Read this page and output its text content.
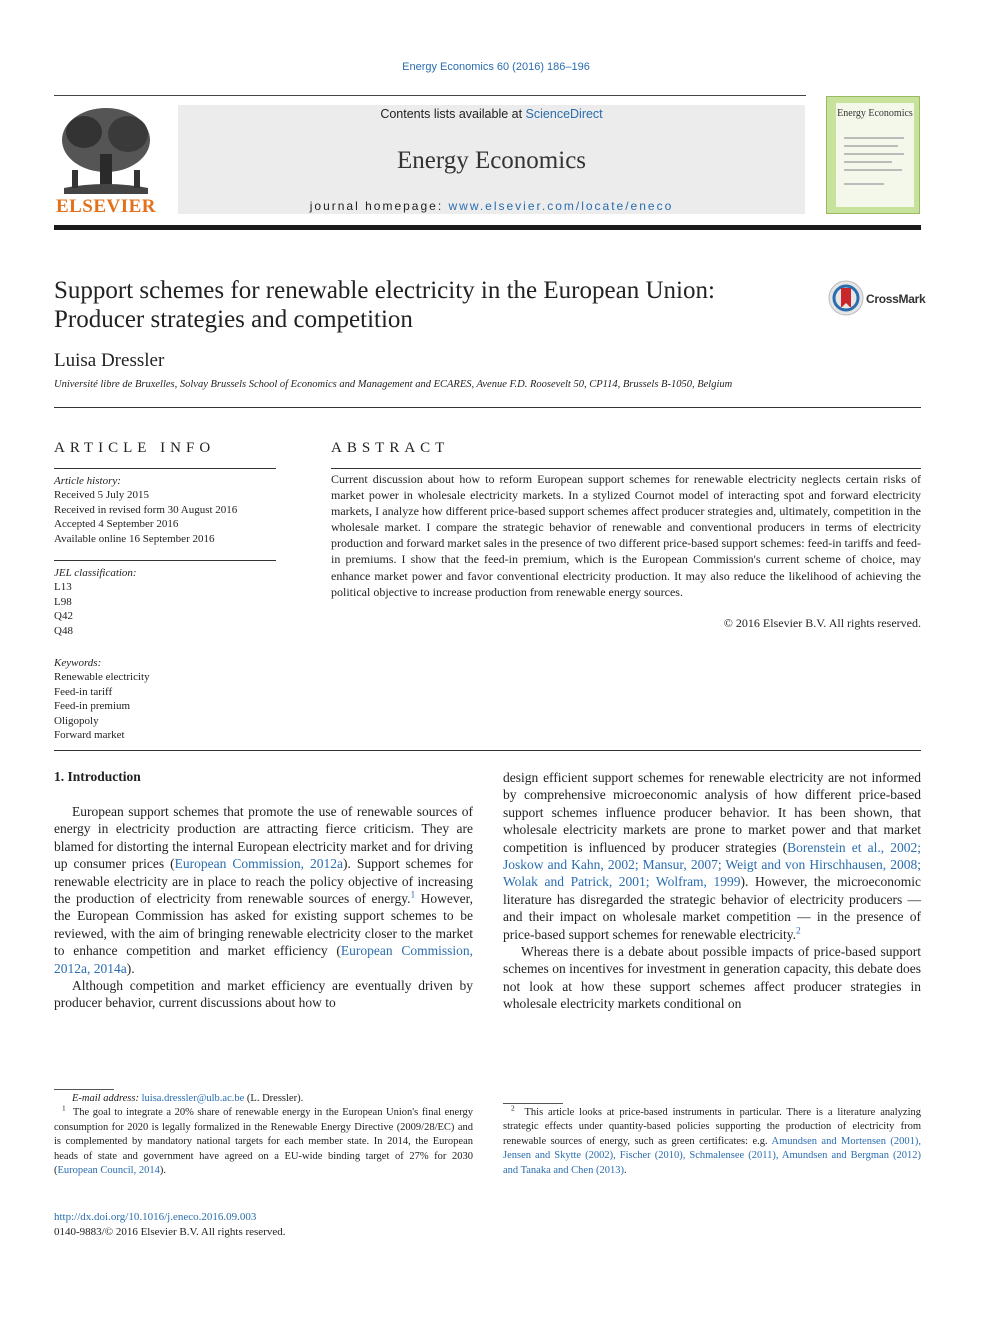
Energy Economics 60 (2016) 186–196
ELSEVIER
Contents lists available at ScienceDirect
Energy Economics
journal homepage: www.elsevier.com/locate/eneco
Energy Economics
Support schemes for renewable electricity in the European Union: Producer strategies and competition
CrossMark
Luisa Dressler
Université libre de Bruxelles, Solvay Brussels School of Economics and Management and ECARES, Avenue F.D. Roosevelt 50, CP114, Brussels B-1050, Belgium
ARTICLE INFO
Article history:
Received 5 July 2015
Received in revised form 30 August 2016
Accepted 4 September 2016
Available online 16 September 2016
JEL classification:
L13
L98
Q42
Q48
Keywords:
Renewable electricity
Feed-in tariff
Feed-in premium
Oligopoly
Forward market
ABSTRACT
Current discussion about how to reform European support schemes for renewable electricity neglects certain risks of market power in wholesale electricity markets. In a stylized Cournot model of interacting spot and forward electricity markets, I analyze how different price-based support schemes affect producer strategies and, ultimately, competition in the wholesale market. I compare the strategic behavior of renewable and conventional producers in terms of electricity production and forward market sales in the presence of two different price-based support schemes: feed-in tariffs and feed-in premiums. I show that the feed-in premium, which is the European Commission's current scheme of choice, may enhance market power and favor conventional electricity production. It may also reduce the likelihood of achieving the political objective to increase production from renewable energy sources.
© 2016 Elsevier B.V. All rights reserved.
1. Introduction

European support schemes that promote the use of renewable sources of energy in electricity production are attracting fierce criticism. They are blamed for distorting the internal European electricity market and for driving up consumer prices (European Commission, 2012a). Support schemes for renewable electricity are in place to reach the policy objective of increasing the production of electricity from renewable sources of energy.$^1$ However, the European Commission has asked for existing support schemes to be reviewed, with the aim of bringing renewable electricity closer to the market to enhance competition and market efficiency (European Commission, 2012a, 2014a).

Although competition and market efficiency are eventually driven by producer behavior, current discussions about how to

design efficient support schemes for renewable electricity are not informed by comprehensive microeconomic analysis of how different price-based support schemes influence producer behavior. It has been shown, that wholesale electricity markets are prone to market power and that market competition is influenced by producer strategies (Borenstein et al., 2002; Joskow and Kahn, 2002; Mansur, 2007; Weigt and von Hirschhausen, 2008; Wolak and Patrick, 2001; Wolfram, 1999). However, the microeconomic literature has disregarded the strategic behavior of electricity producers — and their impact on wholesale market competition — in the presence of price-based support schemes for renewable electricity.$^2$

Whereas there is a debate about possible impacts of price-based support schemes on incentives for investment in generation capacity, this debate does not look at how these support schemes affect producer strategies in wholesale electricity markets conditional on

E-mail address: luisa.dressler@ulb.ac.be (L. Dressler).
$^1$ The goal to integrate a 20% share of renewable energy in the European Union's final energy consumption for 2020 is legally formalized in the Renewable Energy Directive (2009/28/EC) and is complemented by mandatory national targets for each member state. In 2014, the European heads of state and government have agreed on a EU-wide binding target of 27% for 2030 (European Council, 2014).
$^2$ This article looks at price-based instruments in particular. There is a literature analyzing strategic effects under quantity-based policies supporting the production of electricity from renewable sources of energy, such as green certificates: e.g. Amundsen and Mortensen (2001), Jensen and Skytte (2002), Fischer (2010), Schmalensee (2011), Amundsen and Bergman (2012) and Tanaka and Chen (2013).
http://dx.doi.org/10.1016/j.eneco.2016.09.003
0140-9883/© 2016 Elsevier B.V. All rights reserved.
